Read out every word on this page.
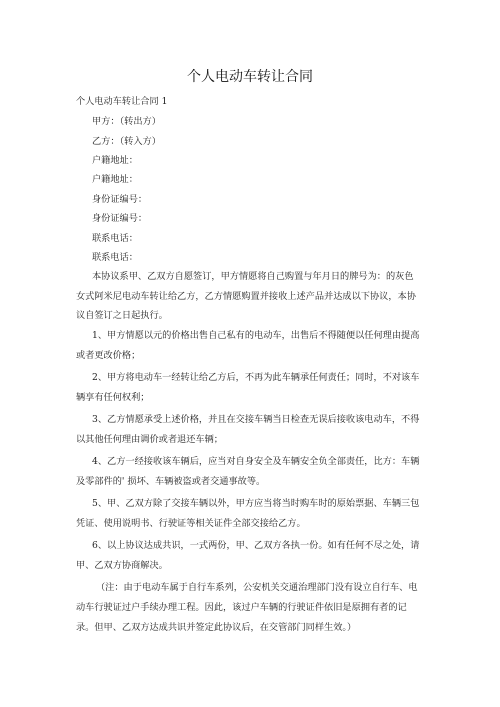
个人电动车转让合同
个人电动车转让合同 1
甲方：（转出方）
乙方：（转入方）
户籍地址：
户籍地址：
身份证编号：
身份证编号：
联系电话：
联系电话：
本协议系甲、乙双方自愿签订，甲方情愿将自己购置与年月日的牌号为：的灰色
女式阿米尼电动车转让给乙方，乙方情愿购置并接收上述产品并达成以下协议，本协
议自签订之日起执行。
1、甲方情愿以元的价格出售自己私有的电动车，出售后不得随便以任何理由提高
或者更改价格；
2、甲方将电动车一经转让给乙方后，不再为此车辆承任何责任；同时，不对该车
辆享有任何权利；
3、乙方情愿承受上述价格，并且在交接车辆当日检查无误后接收该电动车，不得
以其他任何理由调价或者退还车辆；
4、乙方一经接收该车辆后，应当对自身安全及车辆安全负全部责任，比方：车辆
及零部件的' 损坏、车辆被盗或者交通事故等。
5、甲、乙双方除了交接车辆以外，甲方应当将当时购车时的原始票据、车辆三包
凭证、使用说明书、行驶证等相关证件全部交接给乙方。
6、以上协议达成共识，一式两份，甲、乙双方各执一份。如有任何不尽之处，请
甲、乙双方协商解决。
（注：由于电动车属于自行车系列，公安机关交通治理部门没有设立自行车、电
动车行驶证过户手续办理工程。因此，该过户车辆的行驶证件依旧是原拥有者的记
录。但甲、乙双方达成共识并签定此协议后，在交管部门同样生效。）
